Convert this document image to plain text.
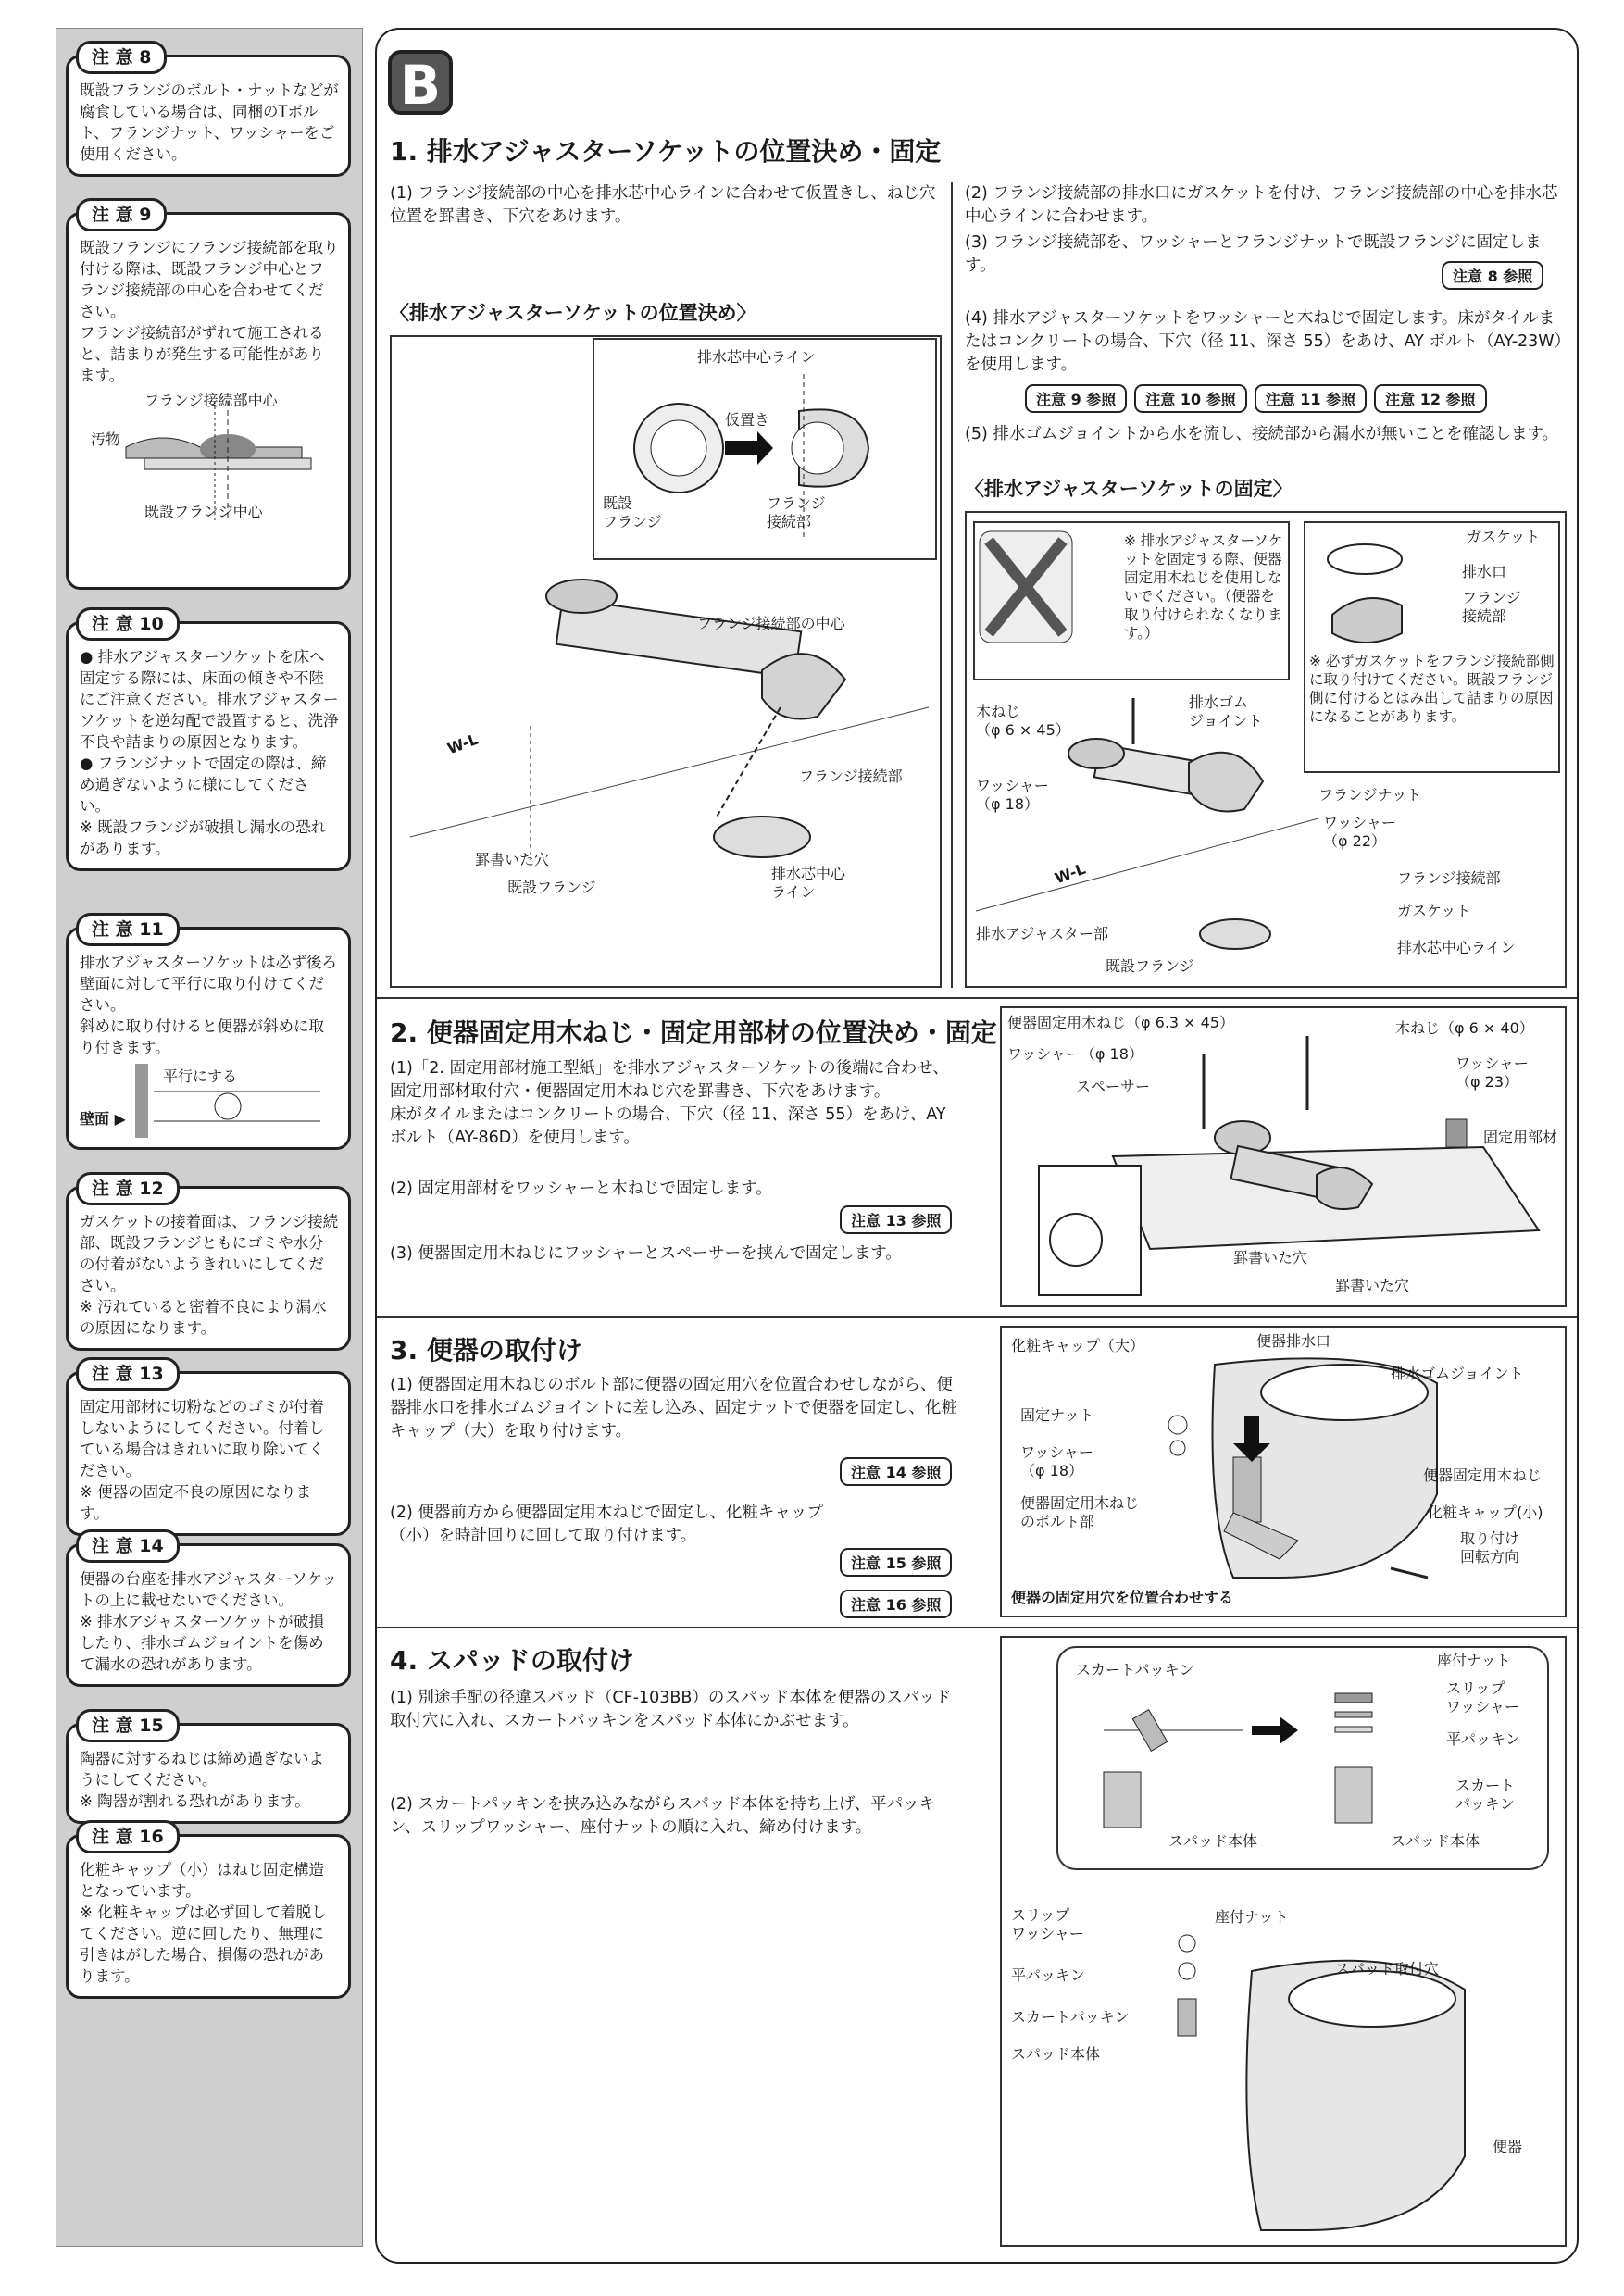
注 意 8
既設フランジのボルト・ナットなどが腐食している場合は、同梱のTボルト、フランジナット、ワッシャーをご使用ください。
注 意 9
既設フランジにフランジ接続部を取り付ける際は、既設フランジ中心とフランジ接続部の中心を合わせてください。
フランジ接続部がずれて施工されると、詰まりが発生する可能性があります。
フランジ接続部中心
汚物
既設フランジ中心
注 意 10
● 排水アジャスターソケットを床へ固定する際には、床面の傾きや不陸にご注意ください。排水アジャスターソケットを逆勾配で設置すると、洗浄不良や詰まりの原因となります。
● フランジナットで固定の際は、締め過ぎないように様にしてください。
※ 既設フランジが破損し漏水の恐れがあります。
注 意 11
排水アジャスターソケットは必ず後ろ壁面に対して平行に取り付けてください。
斜めに取り付けると便器が斜めに取り付きます。
平行にする
壁面 ▶
注 意 12
ガスケットの接着面は、フランジ接続部、既設フランジともにゴミや水分の付着がないようきれいにしてください。
※ 汚れていると密着不良により漏水の原因になります。
注 意 13
固定用部材に切粉などのゴミが付着しないようにしてください。付着している場合はきれいに取り除いてください。
※ 便器の固定不良の原因になります。
注 意 14
便器の台座を排水アジャスターソケットの上に載せないでください。
※ 排水アジャスターソケットが破損したり、排水ゴムジョイントを傷めて漏水の恐れがあります。
注 意 15
陶器に対するねじは締め過ぎないようにしてください。
※ 陶器が割れる恐れがあります。
注 意 16
化粧キャップ（小）はねじ固定構造となっています。
※ 化粧キャップは必ず回して着脱してください。逆に回したり、無理に引きはがした場合、損傷の恐れがあります。
B
1. 排水アジャスターソケットの位置決め・固定
(1) フランジ接続部の中心を排水芯中心ラインに合わせて仮置きし、ねじ穴位置を罫書き、下穴をあけます。
(2) フランジ接続部の排水口にガスケットを付け、フランジ接続部の中心を排水芯中心ラインに合わせます。
(3) フランジ接続部を、ワッシャーとフランジナットで既設フランジに固定します。
注意 8 参照
(4) 排水アジャスターソケットをワッシャーと木ねじで固定します。床がタイルまたはコンクリートの場合、下穴（径 11、深さ 55）をあけ、AY ボルト（AY-23W）を使用します。
注意 9 参照	注意 10 参照	注意 11 参照	注意 12 参照
(5) 排水ゴムジョイントから水を流し、接続部から漏水が無いことを確認します。
〈排水アジャスターソケットの位置決め〉
〈排水アジャスターソケットの固定〉
排水芯中心ライン
仮置き
既設
フランジ
フランジ
接続部
フランジ接続部の中心
W-L
フランジ接続部
罫書いた穴
既設フランジ
排水芯中心
ライン
※ 排水アジャスターソケットを固定する際、便器固定用木ねじを使用しないでください。（便器を取り付けられなくなります。）
ガスケット
排水口
フランジ
接続部
※ 必ずガスケットをフランジ接続部側に取り付けてください。既設フランジ側に付けるとはみ出して詰まりの原因になることがあります。
木ねじ
（φ 6 × 45）
排水ゴム
ジョイント
ワッシャー
（φ 18）
フランジナット
ワッシャー
（φ 22）
W-L	フランジ接続部
ガスケット
排水アジャスター部
排水芯中心ライン
既設フランジ
2. 便器固定用木ねじ・固定用部材の位置決め・固定
(1)「2. 固定用部材施工型紙」を排水アジャスターソケットの後端に合わせ、固定用部材取付穴・便器固定用木ねじ穴を罫書き、下穴をあけます。
床がタイルまたはコンクリートの場合、下穴（径 11、深さ 55）をあけ、AY ボルト（AY-86D）を使用します。
(2) 固定用部材をワッシャーと木ねじで固定します。
注意 13 参照
(3) 便器固定用木ねじにワッシャーとスペーサーを挟んで固定します。
便器固定用木ねじ（φ 6.3 × 45）	木ねじ（φ 6 × 40）
ワッシャー（φ 18）
ワッシャー
（φ 23）
スペーサー
固定用部材
罫書いた穴
罫書いた穴
3. 便器の取付け
(1) 便器固定用木ねじのボルト部に便器の固定用穴を位置合わせしながら、便器排水口を排水ゴムジョイントに差し込み、固定ナットで便器を固定し、化粧キャップ（大）を取り付けます。
注意 14 参照
(2) 便器前方から便器固定用木ねじで固定し、化粧キャップ（小）を時計回りに回して取り付けます。
注意 15 参照
注意 16 参照
化粧キャップ（大）	便器排水口
排水ゴムジョイント
固定ナット
ワッシャー
（φ 18）
便器固定用木ねじ
のボルト部
便器固定用木ねじ
化粧キャップ(小)
取り付け
回転方向
便器の固定用穴を位置合わせする
4. スパッドの取付け
(1) 別途手配の径違スパッド（CF-103BB）のスパッド本体を便器のスパッド取付穴に入れ、スカートパッキンをスパッド本体にかぶせます。
(2) スカートパッキンを挟み込みながらスパッド本体を持ち上げ、平パッキン、スリップワッシャー、座付ナットの順に入れ、締め付けます。
スカートパッキン
座付ナット
スリップ
ワッシャー
平パッキン
スカート
パッキン
スパッド本体	スパッド本体
スリップ
ワッシャー
座付ナット
平パッキン	スパッド取付穴
スカートパッキン
スパッド本体
便器
